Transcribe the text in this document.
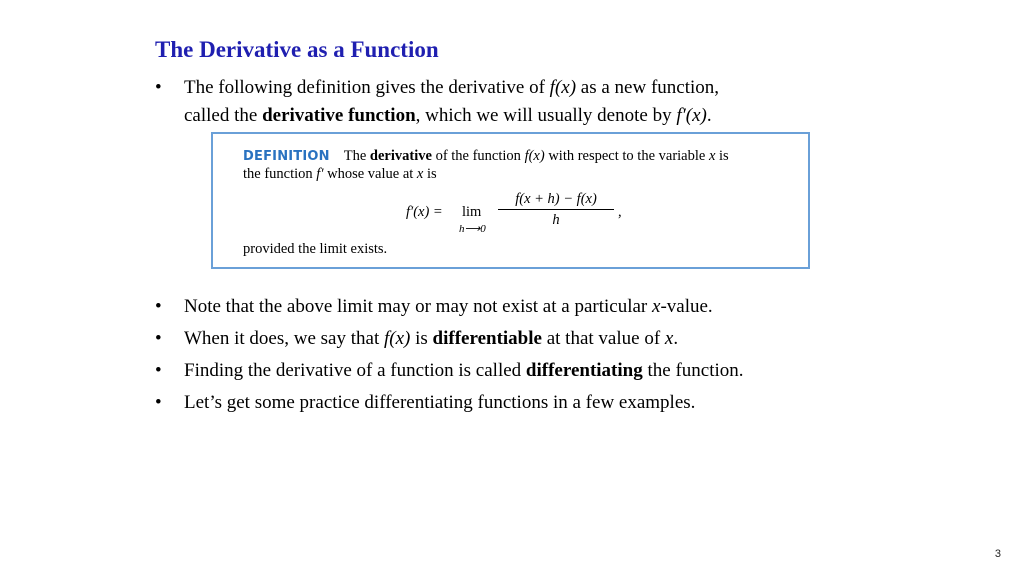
The Derivative as a Function
• The following definition gives the derivative of f(x) as a new function,
called the derivative function, which we will usually denote by f′(x).
DEFINITION The derivative of the function f(x) with respect to the variable x is
the function f′ whose value at x is
f′(x) = lim
h⟶0
f(x + h) − f(x)
h	,
provided the limit exists.
• Note that the above limit may or may not exist at a particular x-value.
• When it does, we say that f(x) is differentiable at that value of x.
• Finding the derivative of a function is called differentiating the function.
• Let’s get some practice differentiating functions in a few examples.
3
